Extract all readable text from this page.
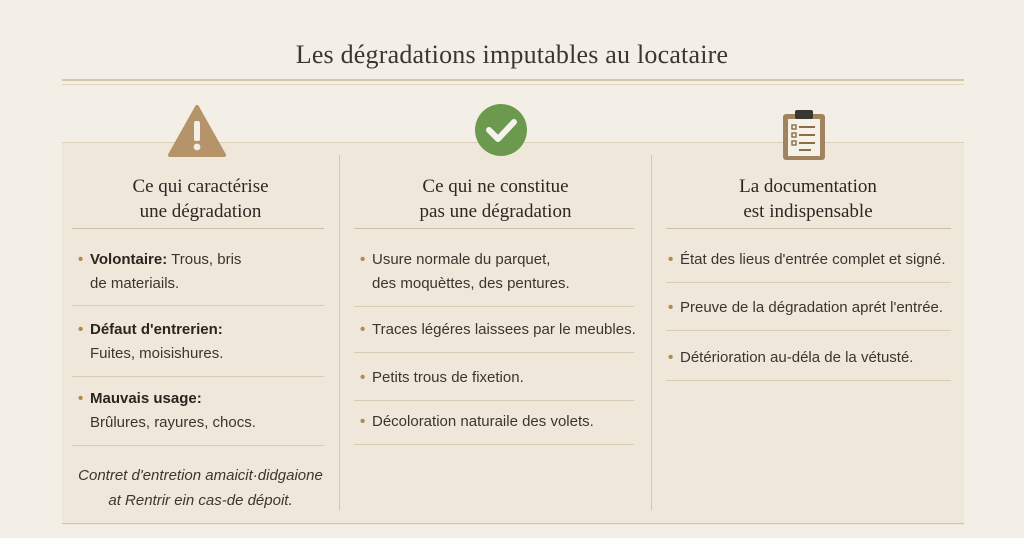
Les dégradations imputables au locataire
Ce qui caractérise
une dégradation
• Volontaire: Trous, bris
de materiails.
• Défaut d'entrerien:
Fuites, moisishures.
• Mauvais usage:
Brûlures, rayures, chocs.
Contret d'entretion amaicit·didgaione
at Rentrir ein cas-de dépoit.
Ce qui ne constitue
pas une dégradation
• Usure normale du parquet,
des moquèttes, des pentures.
• Traces légéres laissees par le meubles.
• Petits trous de fixetion.
• Décoloration naturaile des volets.
La documentation
est indispensable
• État des lieus d'entrée complet et signé.
• Preuve de la dégradation aprét l'entrée.
• Détérioration au-déla de la vétusté.
